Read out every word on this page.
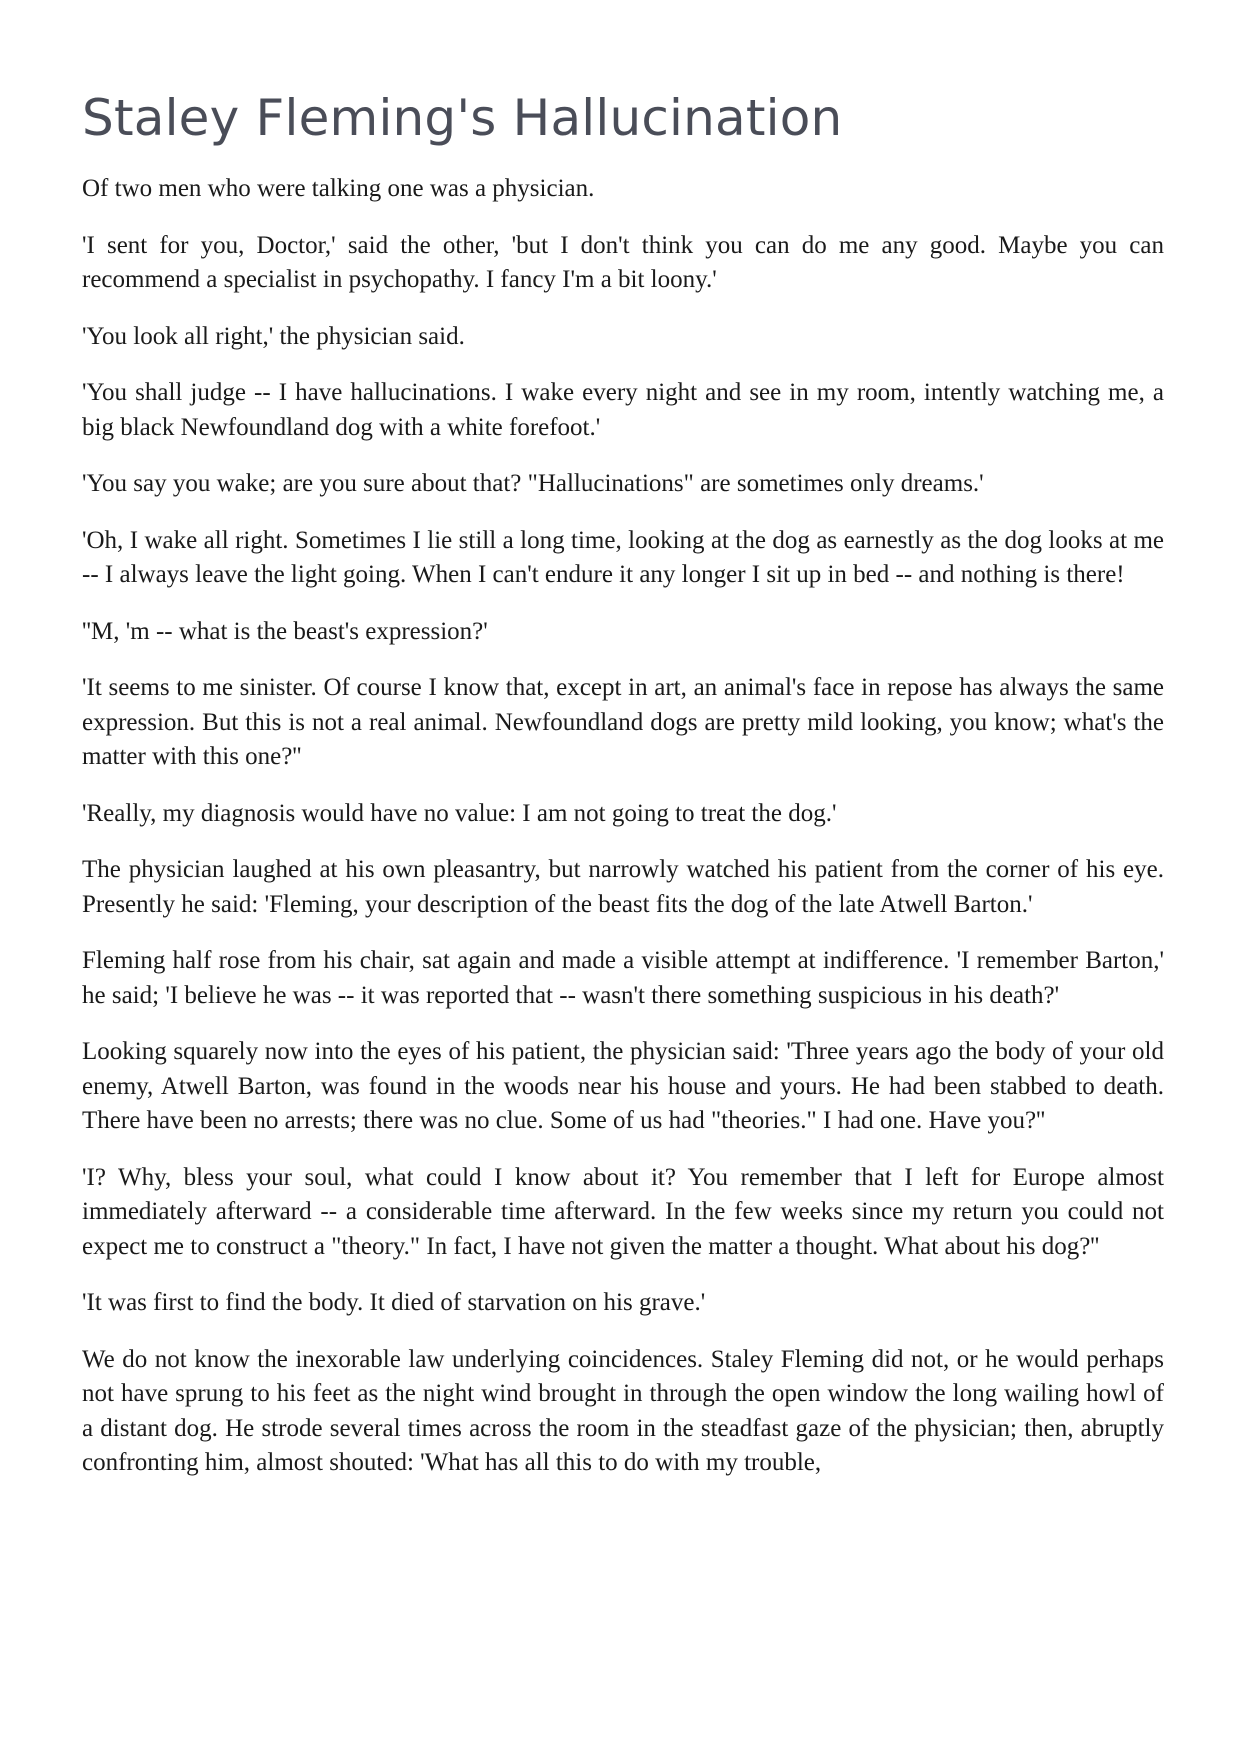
Staley Fleming's Hallucination

Of two men who were talking one was a physician.

'I sent for you, Doctor,' said the other, 'but I don't think you can do me any good. Maybe you can recommend a specialist in psychopathy. I fancy I'm a bit loony.'

'You look all right,' the physician said.

'You shall judge -- I have hallucinations. I wake every night and see in my room, intently watching me, a big black Newfoundland dog with a white forefoot.'

'You say you wake; are you sure about that? "Hallucinations" are sometimes only dreams.'

'Oh, I wake all right. Sometimes I lie still a long time, looking at the dog as earnestly as the dog looks at me -- I always leave the light going. When I can't endure it any longer I sit up in bed -- and nothing is there!

''M, 'm -- what is the beast's expression?'

'It seems to me sinister. Of course I know that, except in art, an animal's face in repose has always the same expression. But this is not a real animal. Newfoundland dogs are pretty mild looking, you know; what's the matter with this one?''

'Really, my diagnosis would have no value: I am not going to treat the dog.'

The physician laughed at his own pleasantry, but narrowly watched his patient from the corner of his eye. Presently he said: 'Fleming, your description of the beast fits the dog of the late Atwell Barton.'

Fleming half rose from his chair, sat again and made a visible attempt at indifference. 'I remember Barton,' he said; 'I believe he was -- it was reported that -- wasn't there something suspicious in his death?'

Looking squarely now into the eyes of his patient, the physician said: 'Three years ago the body of your old enemy, Atwell Barton, was found in the woods near his house and yours. He had been stabbed to death. There have been no arrests; there was no clue. Some of us had "theories." I had one. Have you?''

'I? Why, bless your soul, what could I know about it? You remember that I left for Europe almost immediately afterward -- a considerable time afterward. In the few weeks since my return you could not expect me to construct a "theory." In fact, I have not given the matter a thought. What about his dog?''

'It was first to find the body. It died of starvation on his grave.'

We do not know the inexorable law underlying coincidences. Staley Fleming did not, or he would perhaps not have sprung to his feet as the night wind brought in through the open window the long wailing howl of a distant dog. He strode several times across the room in the steadfast gaze of the physician; then, abruptly confronting him, almost shouted: 'What has all this to do with my trouble,
